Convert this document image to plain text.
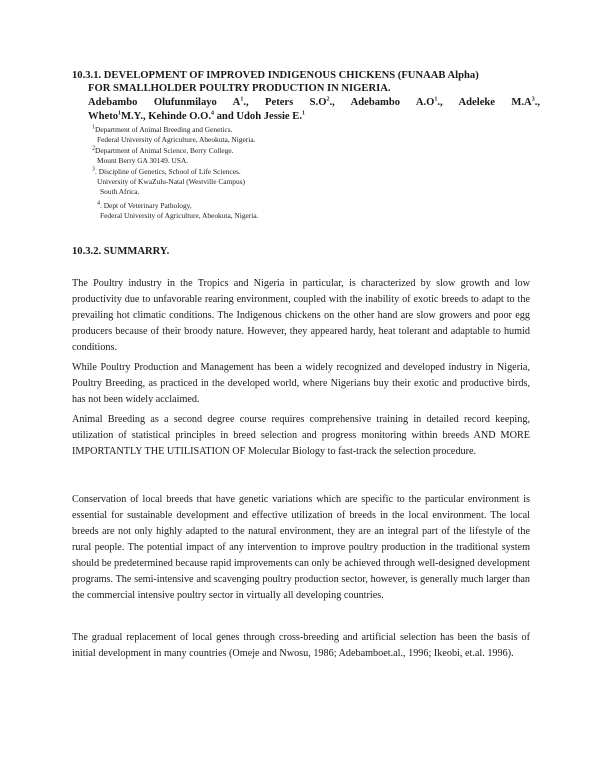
10.3.1. DEVELOPMENT OF IMPROVED INDIGENOUS CHICKENS (FUNAAB Alpha)
FOR SMALLHOLDER POULTRY PRODUCTION IN NIGERIA.
Adebambo Olufunmilayo $A^1$., Peters $S.O^2$., Adebambo $A.O^1$., Adeleke $M.A^3$.,
Wheto$^1$M.Y., Kehinde O.O.$^4$ and Udoh Jessie E.$^1$
$^1$Department of Animal Breeding and Genetics.
Federal University of Agriculture, Abeokuta, Nigeria.
$^2$Department of Animal Science, Berry College.
Mount Berry GA 30149. USA.
$^3$. Discipline of Genetics, School of Life Sciences.
University of KwaZulu-Natal (Westville Campus)
South Africa.
$^4$. Dept of Veterinary Pathology,
Federal University of Agriculture, Abeokuta, Nigeria.
10.3.2. SUMMARRY.

The Poultry industry in the Tropics and Nigeria in particular, is characterized by slow growth and low productivity due to unfavorable rearing environment, coupled with the inability of exotic breeds to adapt to the prevailing hot climatic conditions. The Indigenous chickens on the other hand are slow growers and poor egg producers because of their broody nature. However, they appeared hardy, heat tolerant and adaptable to humid conditions.

While Poultry Production and Management has been a widely recognized and developed industry in Nigeria, Poultry Breeding, as practiced in the developed world, where Nigerians buy their exotic and productive birds, has not been widely acclaimed.

Animal Breeding as a second degree course requires comprehensive training in detailed record keeping, utilization of statistical principles in breed selection and progress monitoring within breeds AND MORE IMPORTANTLY THE UTILISATION OF Molecular Biology to fast-track the selection procedure.

Conservation of local breeds that have genetic variations which are specific to the particular environment is essential for sustainable development and effective utilization of breeds in the local environment. The local breeds are not only highly adapted to the natural environment, they are an integral part of the lifestyle of the rural people. The potential impact of any intervention to improve poultry production in the traditional system should be predetermined because rapid improvements can only be achieved through well-designed development programs. The semi-intensive and scavenging poultry production sector, however, is generally much larger than the commercial intensive poultry sector in virtually all developing countries.

The gradual replacement of local genes through cross-breeding and artificial selection has been the basis of initial development in many countries (Omeje and Nwosu, 1986; Adebamboet.al., 1996; Ikeobi, et.al. 1996).
